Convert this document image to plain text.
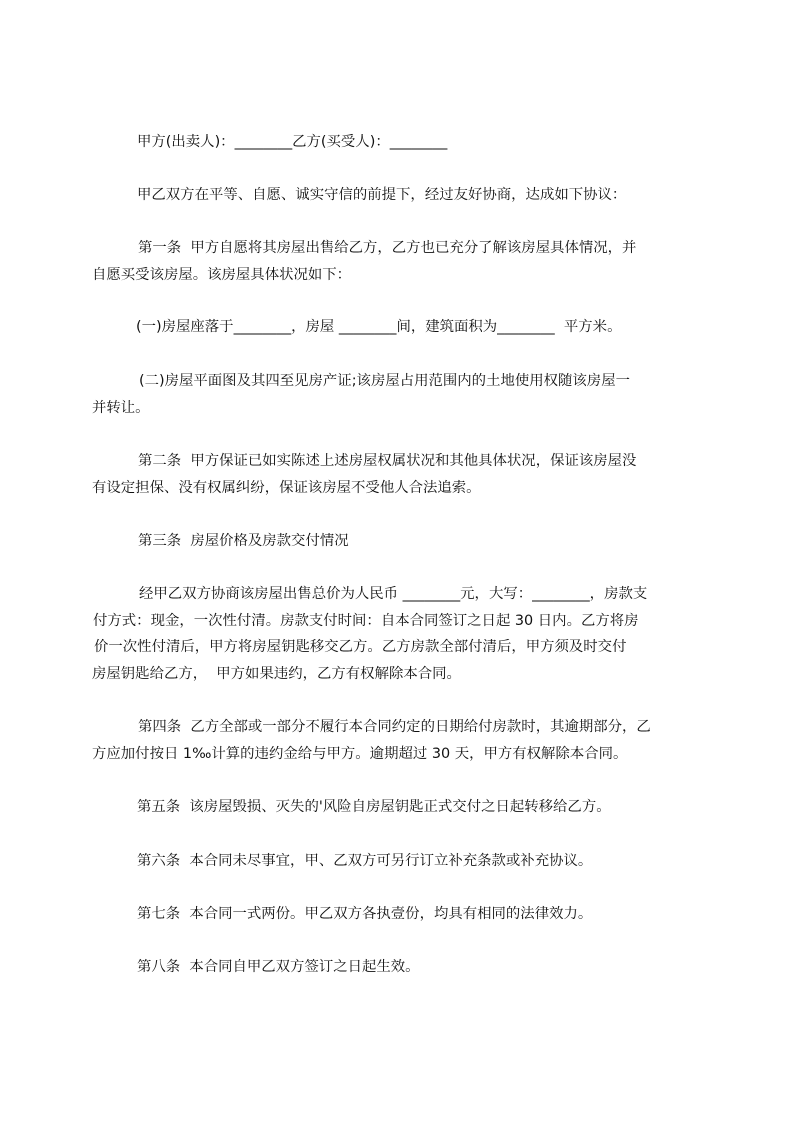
甲方(出卖人)：________乙方(买受人)：________
甲乙双方在平等、自愿、诚实守信的前提下，经过友好协商，达成如下协议：
第一条  甲方自愿将其房屋出售给乙方，乙方也已充分了解该房屋具体情况，并
自愿买受该房屋。该房屋具体状况如下：
(一)房屋座落于________，房屋 ________间，建筑面积为________  平方米。
(二)房屋平面图及其四至见房产证;该房屋占用范围内的土地使用权随该房屋一
并转让。
第二条  甲方保证已如实陈述上述房屋权属状况和其他具体状况，保证该房屋没
有设定担保、没有权属纠纷，保证该房屋不受他人合法追索。
第三条  房屋价格及房款交付情况
经甲乙双方协商该房屋出售总价为人民币 ________元，大写：________，房款支
付方式：现金，一次性付清。房款支付时间：自本合同签订之日起 30 日内。乙方将房
价一次性付清后，甲方将房屋钥匙移交乙方。乙方房款全部付清后，甲方须及时交付
房屋钥匙给乙方，  甲方如果违约，乙方有权解除本合同。
第四条  乙方全部或一部分不履行本合同约定的日期给付房款时，其逾期部分，乙
方应加付按日 1‰计算的违约金给与甲方。逾期超过 30 天，甲方有权解除本合同。
第五条  该房屋毁损、灭失的'风险自房屋钥匙正式交付之日起转移给乙方。
第六条  本合同未尽事宜，甲、乙双方可另行订立补充条款或补充协议。
第七条  本合同一式两份。甲乙双方各执壹份，均具有相同的法律效力。
第八条  本合同自甲乙双方签订之日起生效。
